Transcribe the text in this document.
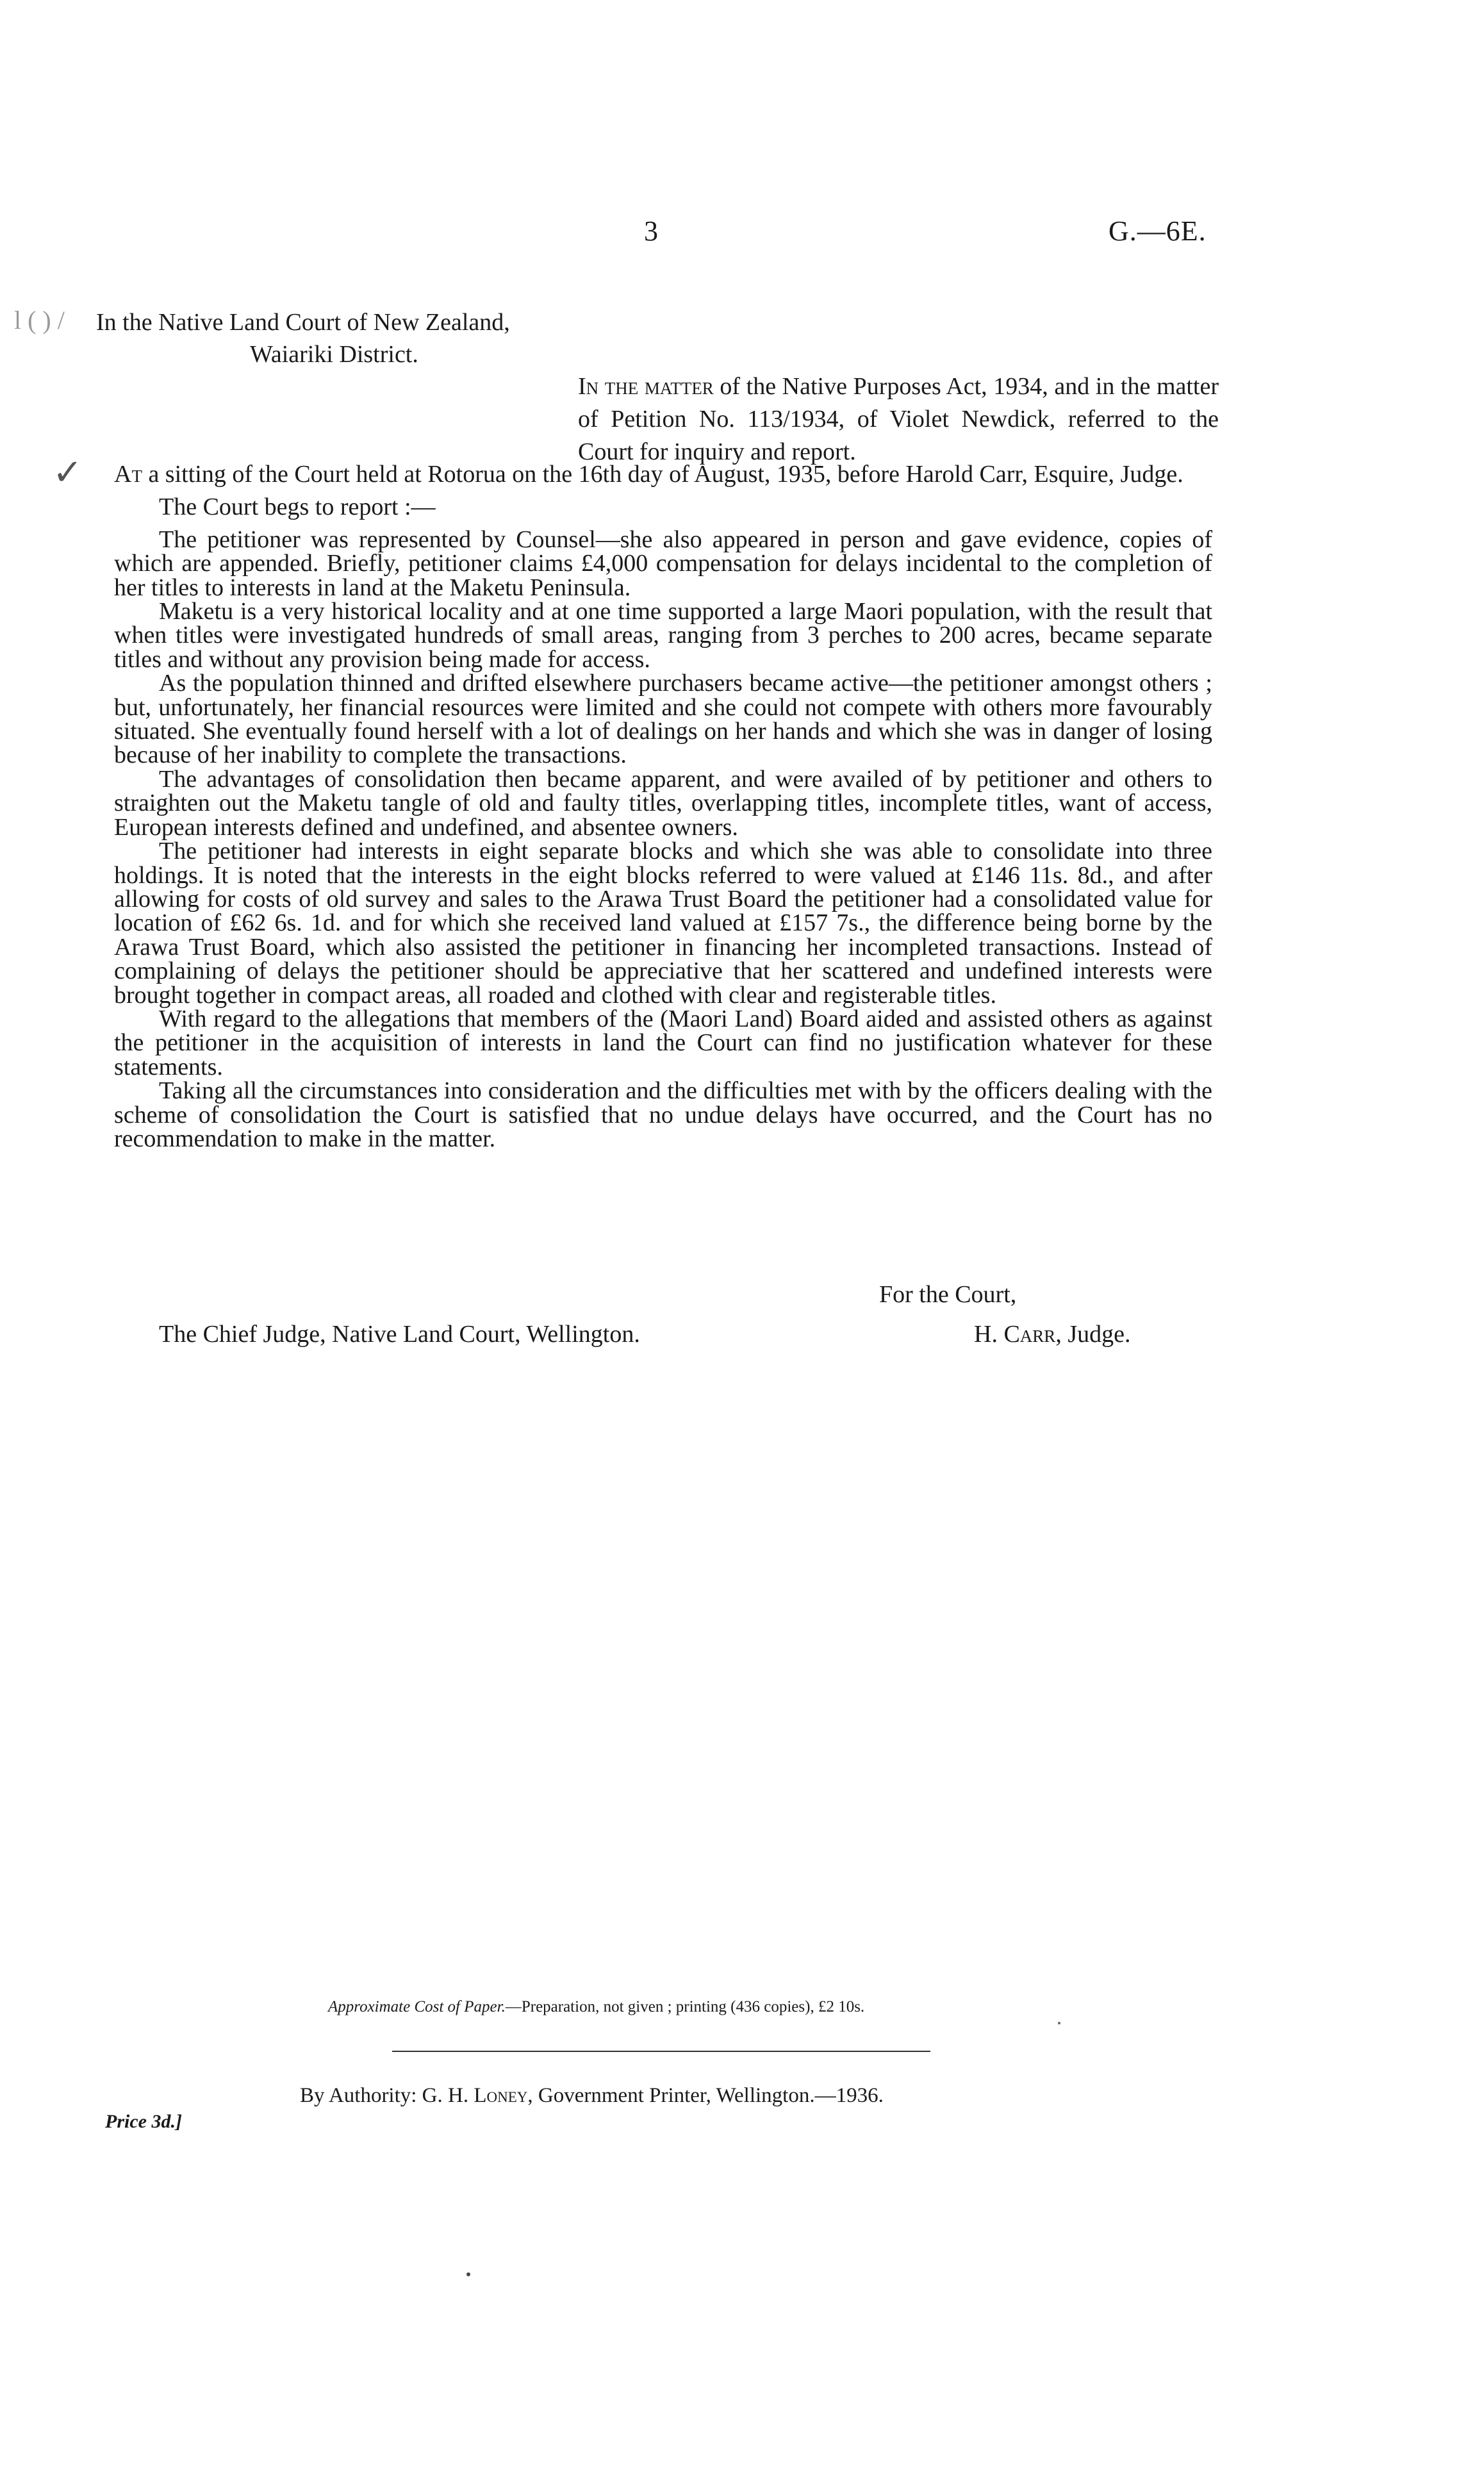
3	G.—6E.
l ( ) / In the Native Land Court of New Zealand,
Waiariki District.
In the matter of the Native Purposes Act, 1934, and in the matter of Petition No. 113/1934, of Violet Newdick, referred to the Court for inquiry and report.
✓ At a sitting of the Court held at Rotorua on the 16th day of August, 1935, before Harold Carr, Esquire, Judge.

The Court begs to report :—

The petitioner was represented by Counsel—she also appeared in person and gave evidence, copies of which are appended. Briefly, petitioner claims £4,000 compensation for delays incidental to the completion of her titles to interests in land at the Maketu Peninsula.

Maketu is a very historical locality and at one time supported a large Maori population, with the result that when titles were investigated hundreds of small areas, ranging from 3 perches to 200 acres, became separate titles and without any provision being made for access.

As the population thinned and drifted elsewhere purchasers became active—the petitioner amongst others ; but, unfortunately, her financial resources were limited and she could not compete with others more favourably situated. She eventually found herself with a lot of dealings on her hands and which she was in danger of losing because of her inability to complete the transactions.

The advantages of consolidation then became apparent, and were availed of by petitioner and others to straighten out the Maketu tangle of old and faulty titles, overlapping titles, incomplete titles, want of access, European interests defined and undefined, and absentee owners.

The petitioner had interests in eight separate blocks and which she was able to consolidate into three holdings. It is noted that the interests in the eight blocks referred to were valued at £146 11s. 8d., and after allowing for costs of old survey and sales to the Arawa Trust Board the petitioner had a consolidated value for location of £62 6s. 1d. and for which she received land valued at £157 7s., the difference being borne by the Arawa Trust Board, which also assisted the petitioner in financing her incompleted transactions. Instead of complaining of delays the petitioner should be appreciative that her scattered and undefined interests were brought together in compact areas, all roaded and clothed with clear and registerable titles.

With regard to the allegations that members of the (Maori Land) Board aided and assisted others as against the petitioner in the acquisition of interests in land the Court can find no justification whatever for these statements.

Taking all the circumstances into consideration and the difficulties met with by the officers dealing with the scheme of consolidation the Court is satisfied that no undue delays have occurred, and the Court has no recommendation to make in the matter.

For the Court,
The Chief Judge, Native Land Court, Wellington.	H. Carr, Judge.
Approximate Cost of Paper.—Preparation, not given ; printing (436 copies), £2 10s.
By Authority: G. H. Loney, Government Printer, Wellington.—1936.
Price 3d.]
